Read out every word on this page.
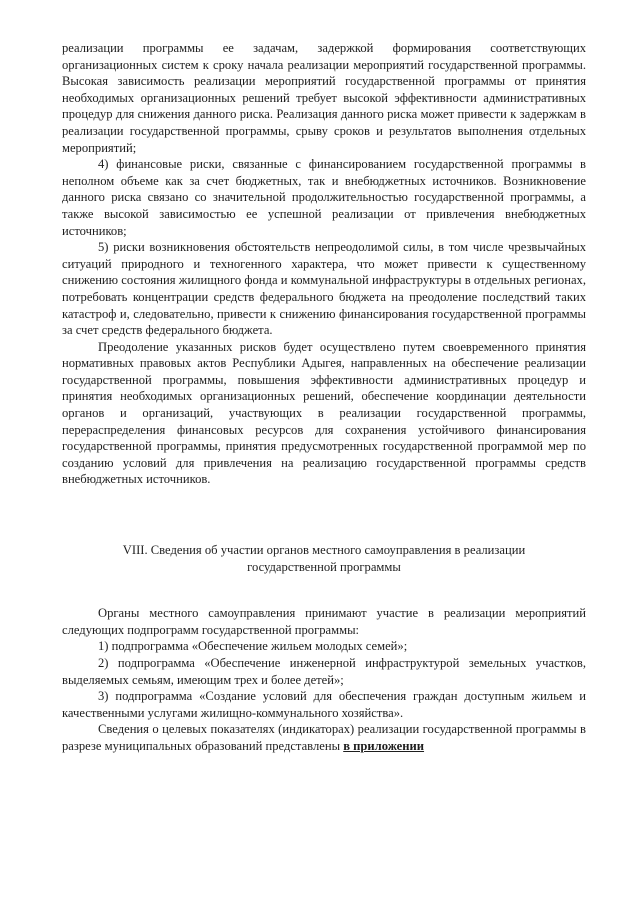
реализации программы ее задачам, задержкой формирования соответствующих организационных систем к сроку начала реализации мероприятий государственной программы. Высокая зависимость реализации мероприятий государственной программы от принятия необходимых организационных решений требует высокой эффективности административных процедур для снижения данного риска. Реализация данного риска может привести к задержкам в реализации государственной программы, срыву сроков и результатов выполнения отдельных мероприятий;

4) финансовые риски, связанные с финансированием государственной программы в неполном объеме как за счет бюджетных, так и внебюджетных источников. Возникновение данного риска связано со значительной продолжительностью государственной программы, а также высокой зависимостью ее успешной реализации от привлечения внебюджетных источников;

5) риски возникновения обстоятельств непреодолимой силы, в том числе чрезвычайных ситуаций природного и техногенного характера, что может привести к существенному снижению состояния жилищного фонда и коммунальной инфраструктуры в отдельных регионах, потребовать концентрации средств федерального бюджета на преодоление последствий таких катастроф и, следовательно, привести к снижению финансирования государственной программы за счет средств федерального бюджета.

Преодоление указанных рисков будет осуществлено путем своевременного принятия нормативных правовых актов Республики Адыгея, направленных на обеспечение реализации государственной программы, повышения эффективности административных процедур и принятия необходимых организационных решений, обеспечение координации деятельности органов и организаций, участвующих в реализации государственной программы, перераспределения финансовых ресурсов для сохранения устойчивого финансирования государственной программы, принятия предусмотренных государственной программой мер по созданию условий для привлечения на реализацию государственной программы средств внебюджетных источников.

VIII. Сведения об участии органов местного самоуправления в реализации
государственной программы

Органы местного самоуправления принимают участие в реализации мероприятий следующих подпрограмм государственной программы:

1) подпрограмма «Обеспечение жильем молодых семей»;

2) подпрограмма «Обеспечение инженерной инфраструктурой земельных участков, выделяемых семьям, имеющим трех и более детей»;

3) подпрограмма «Создание условий для обеспечения граждан доступным жильем и качественными услугами жилищно-коммунального хозяйства».

Сведения о целевых показателях (индикаторах) реализации государственной программы в разрезе муниципальных образований представлены в приложении
